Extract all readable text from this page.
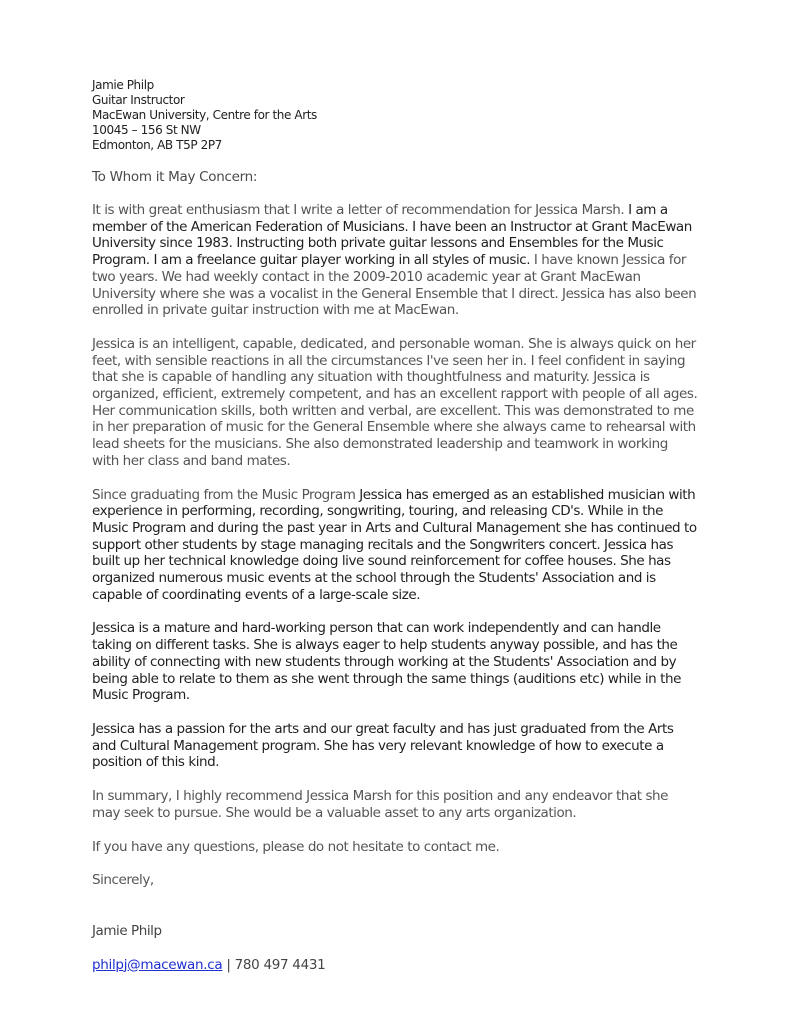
Jamie Philp
Guitar Instructor
MacEwan University, Centre for the Arts
10045 – 156 St NW
Edmonton, AB T5P 2P7
To Whom it May Concern:

It is with great enthusiasm that I write a letter of recommendation for Jessica Marsh. I am a member of the American Federation of Musicians. I have been an Instructor at Grant MacEwan University since 1983. Instructing both private guitar lessons and Ensembles for the Music Program. I am a freelance guitar player working in all styles of music. I have known Jessica for two years. We had weekly contact in the 2009-2010 academic year at Grant MacEwan University where she was a vocalist in the General Ensemble that I direct. Jessica has also been enrolled in private guitar instruction with me at MacEwan.

Jessica is an intelligent, capable, dedicated, and personable woman. She is always quick on her feet, with sensible reactions in all the circumstances I've seen her in. I feel confident in saying that she is capable of handling any situation with thoughtfulness and maturity. Jessica is organized, efficient, extremely competent, and has an excellent rapport with people of all ages. Her communication skills, both written and verbal, are excellent. This was demonstrated to me in her preparation of music for the General Ensemble where she always came to rehearsal with lead sheets for the musicians. She also demonstrated leadership and teamwork in working with her class and band mates.

Since graduating from the Music Program Jessica has emerged as an established musician with experience in performing, recording, songwriting, touring, and releasing CD's. While in the Music Program and during the past year in Arts and Cultural Management she has continued to support other students by stage managing recitals and the Songwriters concert. Jessica has built up her technical knowledge doing live sound reinforcement for coffee houses. She has organized numerous music events at the school through the Students' Association and is capable of coordinating events of a large-scale size.

Jessica is a mature and hard-working person that can work independently and can handle taking on different tasks. She is always eager to help students anyway possible, and has the ability of connecting with new students through working at the Students' Association and by being able to relate to them as she went through the same things (auditions etc) while in the Music Program.

Jessica has a passion for the arts and our great faculty and has just graduated from the Arts and Cultural Management program. She has very relevant knowledge of how to execute a position of this kind.

In summary, I highly recommend Jessica Marsh for this position and any endeavor that she may seek to pursue. She would be a valuable asset to any arts organization.

If you have any questions, please do not hesitate to contact me.

Sincerely,

Jamie Philp

philpj@macewan.ca | 780 497 4431
